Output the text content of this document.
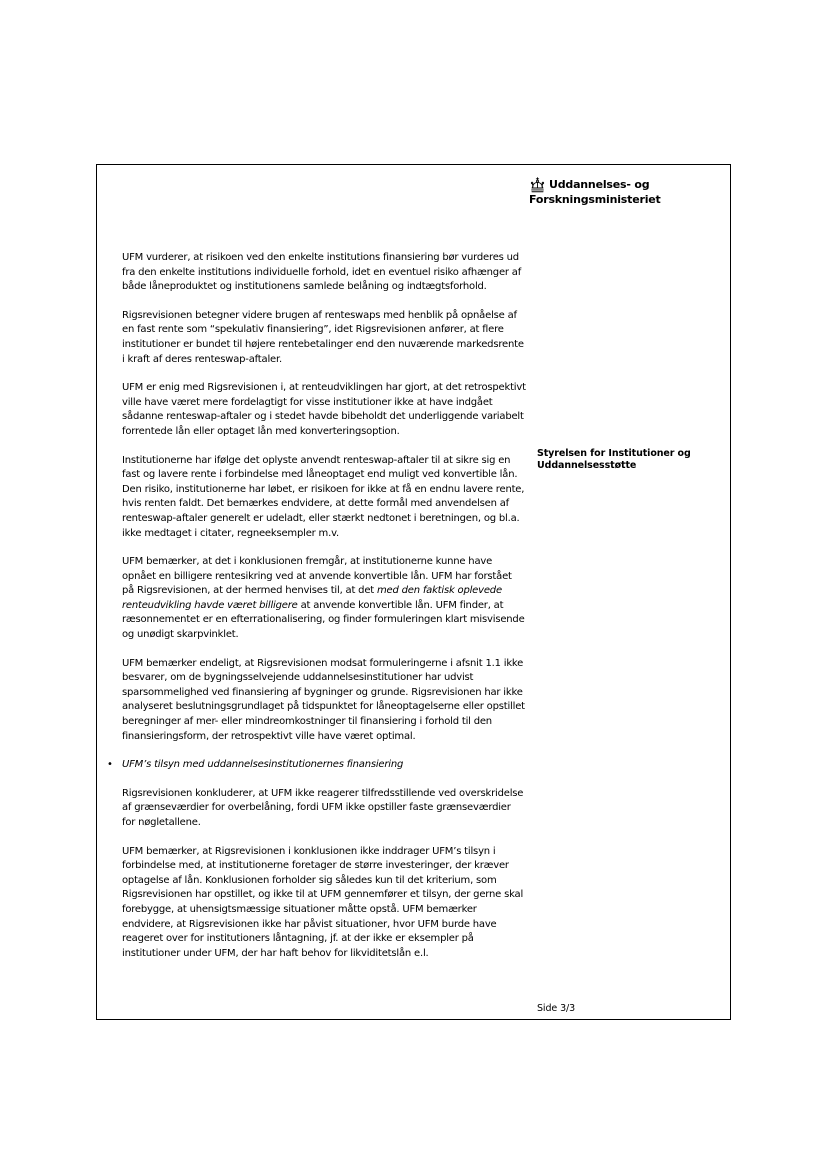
Uddannelses- og
Forskningsministeriet

UFM vurderer, at risikoen ved den enkelte institutions finansiering bør vurderes ud fra den enkelte institutions individuelle forhold, idet en eventuel risiko afhænger af både låneproduktet og institutionens samlede belåning og indtægtsforhold.

Rigsrevisionen betegner videre brugen af renteswaps med henblik på opnåelse af en fast rente som “spekulativ finansiering”, idet Rigsrevisionen anfører, at flere institutioner er bundet til højere rentebetalinger end den nuværende markedsrente i kraft af deres renteswap-aftaler.

UFM er enig med Rigsrevisionen i, at renteudviklingen har gjort, at det retrospektivt ville have været mere fordelagtigt for visse institutioner ikke at have indgået sådanne renteswap-aftaler og i stedet havde bibeholdt det underliggende variabelt forrentede lån eller optaget lån med konverteringsoption.

Institutionerne har ifølge det oplyste anvendt renteswap-aftaler til at sikre sig en fast og lavere rente i forbindelse med låneoptaget end muligt ved konvertible lån. Den risiko, institutionerne har løbet, er risikoen for ikke at få en endnu lavere rente, hvis renten faldt. Det bemærkes endvidere, at dette formål med anvendelsen af renteswap-aftaler generelt er udeladt, eller stærkt nedtonet i beretningen, og bl.a. ikke medtaget i citater, regneeksempler m.v.

UFM bemærker, at det i konklusionen fremgår, at institutionerne kunne have opnået en billigere rentesikring ved at anvende konvertible lån. UFM har forstået på Rigsrevisionen, at der hermed henvises til, at det med den faktisk oplevede renteudvikling havde været billigere at anvende konvertible lån. UFM finder, at ræsonnementet er en efterrationalisering, og finder formuleringen klart misvisende og unødigt skarpvinklet.

UFM bemærker endeligt, at Rigsrevisionen modsat formuleringerne i afsnit 1.1 ikke besvarer, om de bygningsselvejende uddannelsesinstitutioner har udvist sparsommelighed ved finansiering af bygninger og grunde. Rigsrevisionen har ikke analyseret beslutningsgrundlaget på tidspunktet for låneoptagelserne eller opstillet beregninger af mer- eller mindreomkostninger til finansiering i forhold til den finansieringsform, der retrospektivt ville have været optimal.

• UFM’s tilsyn med uddannelsesinstitutionernes finansiering

Rigsrevisionen konkluderer, at UFM ikke reagerer tilfredsstillende ved overskridelse af grænseværdier for overbelåning, fordi UFM ikke opstiller faste grænseværdier for nøgletallene.

UFM bemærker, at Rigsrevisionen i konklusionen ikke inddrager UFM’s tilsyn i forbindelse med, at institutionerne foretager de større investeringer, der kræver optagelse af lån. Konklusionen forholder sig således kun til det kriterium, som Rigsrevisionen har opstillet, og ikke til at UFM gennemfører et tilsyn, der gerne skal forebygge, at uhensigtsmæssige situationer måtte opstå. UFM bemærker endvidere, at Rigsrevisionen ikke har påvist situationer, hvor UFM burde have reageret over for institutioners låntagning, jf. at der ikke er eksempler på institutioner under UFM, der har haft behov for likviditetslån e.l.

Styrelsen for Institutioner og
Uddannelsesstøtte
Side 3/3
